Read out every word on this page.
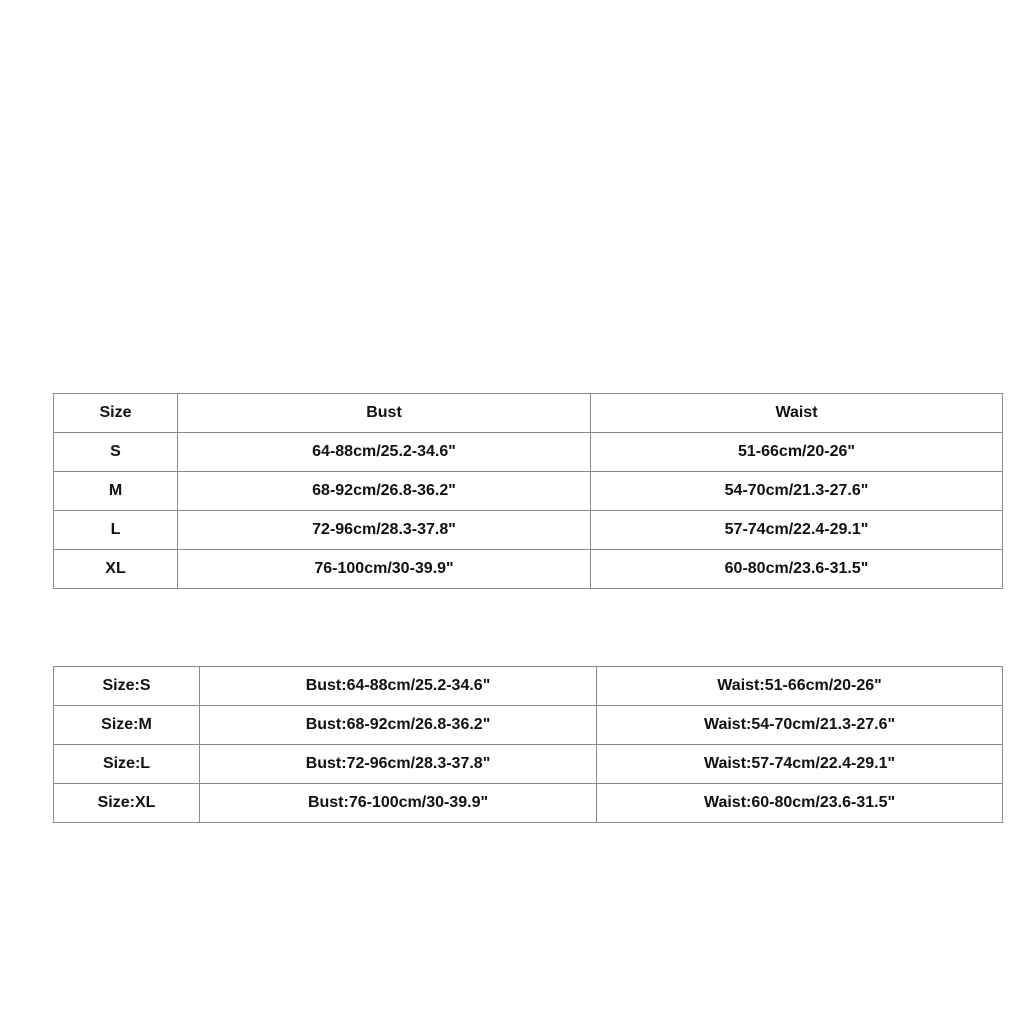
Size	Bust	Waist
S	64-88cm/25.2-34.6"	51-66cm/20-26"
M	68-92cm/26.8-36.2"	54-70cm/21.3-27.6"
L	72-96cm/28.3-37.8"	57-74cm/22.4-29.1"
XL	76-100cm/30-39.9"	60-80cm/23.6-31.5"
Size:S	Bust:64-88cm/25.2-34.6"	Waist:51-66cm/20-26"
Size:M	Bust:68-92cm/26.8-36.2"	Waist:54-70cm/21.3-27.6"
Size:L	Bust:72-96cm/28.3-37.8"	Waist:57-74cm/22.4-29.1"
Size:XL	Bust:76-100cm/30-39.9"	Waist:60-80cm/23.6-31.5"
